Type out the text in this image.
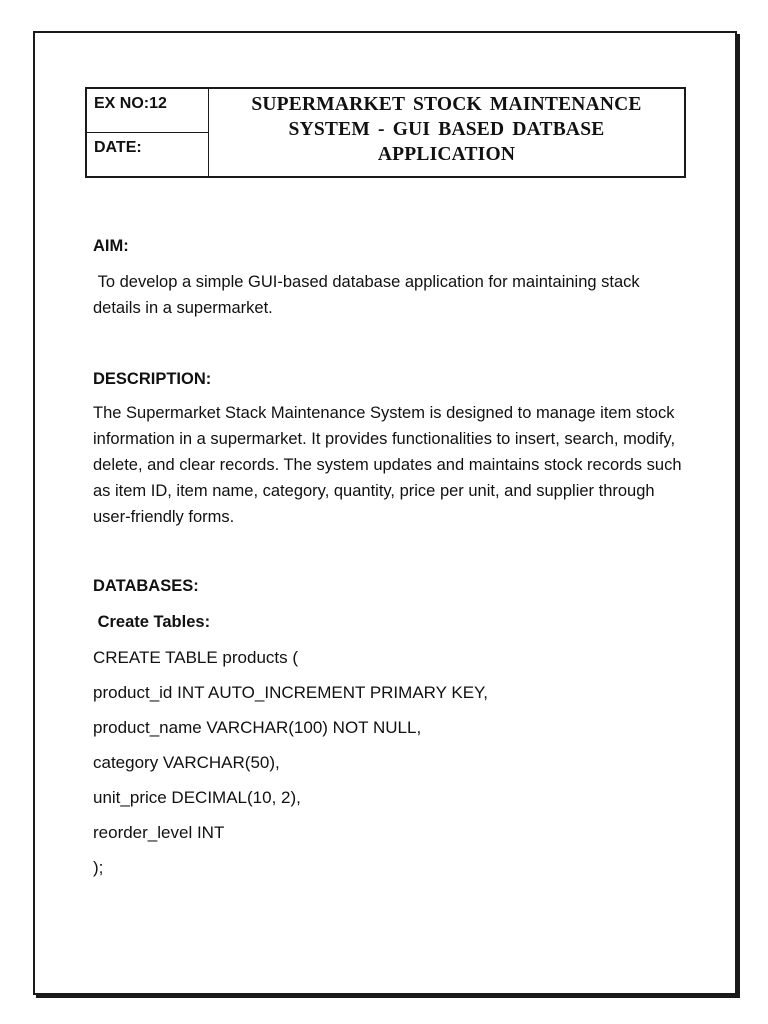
EX NO:12
DATE:
SUPERMARKET STOCK MAINTENANCE
SYSTEM - GUI BASED DATBASE
APPLICATION
AIM:

To develop a simple GUI-based database application for maintaining stack details in a supermarket.

DESCRIPTION:

The Supermarket Stack Maintenance System is designed to manage item stock information in a supermarket. It provides functionalities to insert, search, modify, delete, and clear records. The system updates and maintains stock records such as item ID, item name, category, quantity, price per unit, and supplier through user-friendly forms.

DATABASES:
Create Tables:
CREATE TABLE products (
product_id INT AUTO_INCREMENT PRIMARY KEY,
product_name VARCHAR(100) NOT NULL,
category VARCHAR(50),
unit_price DECIMAL(10, 2),
reorder_level INT
);
